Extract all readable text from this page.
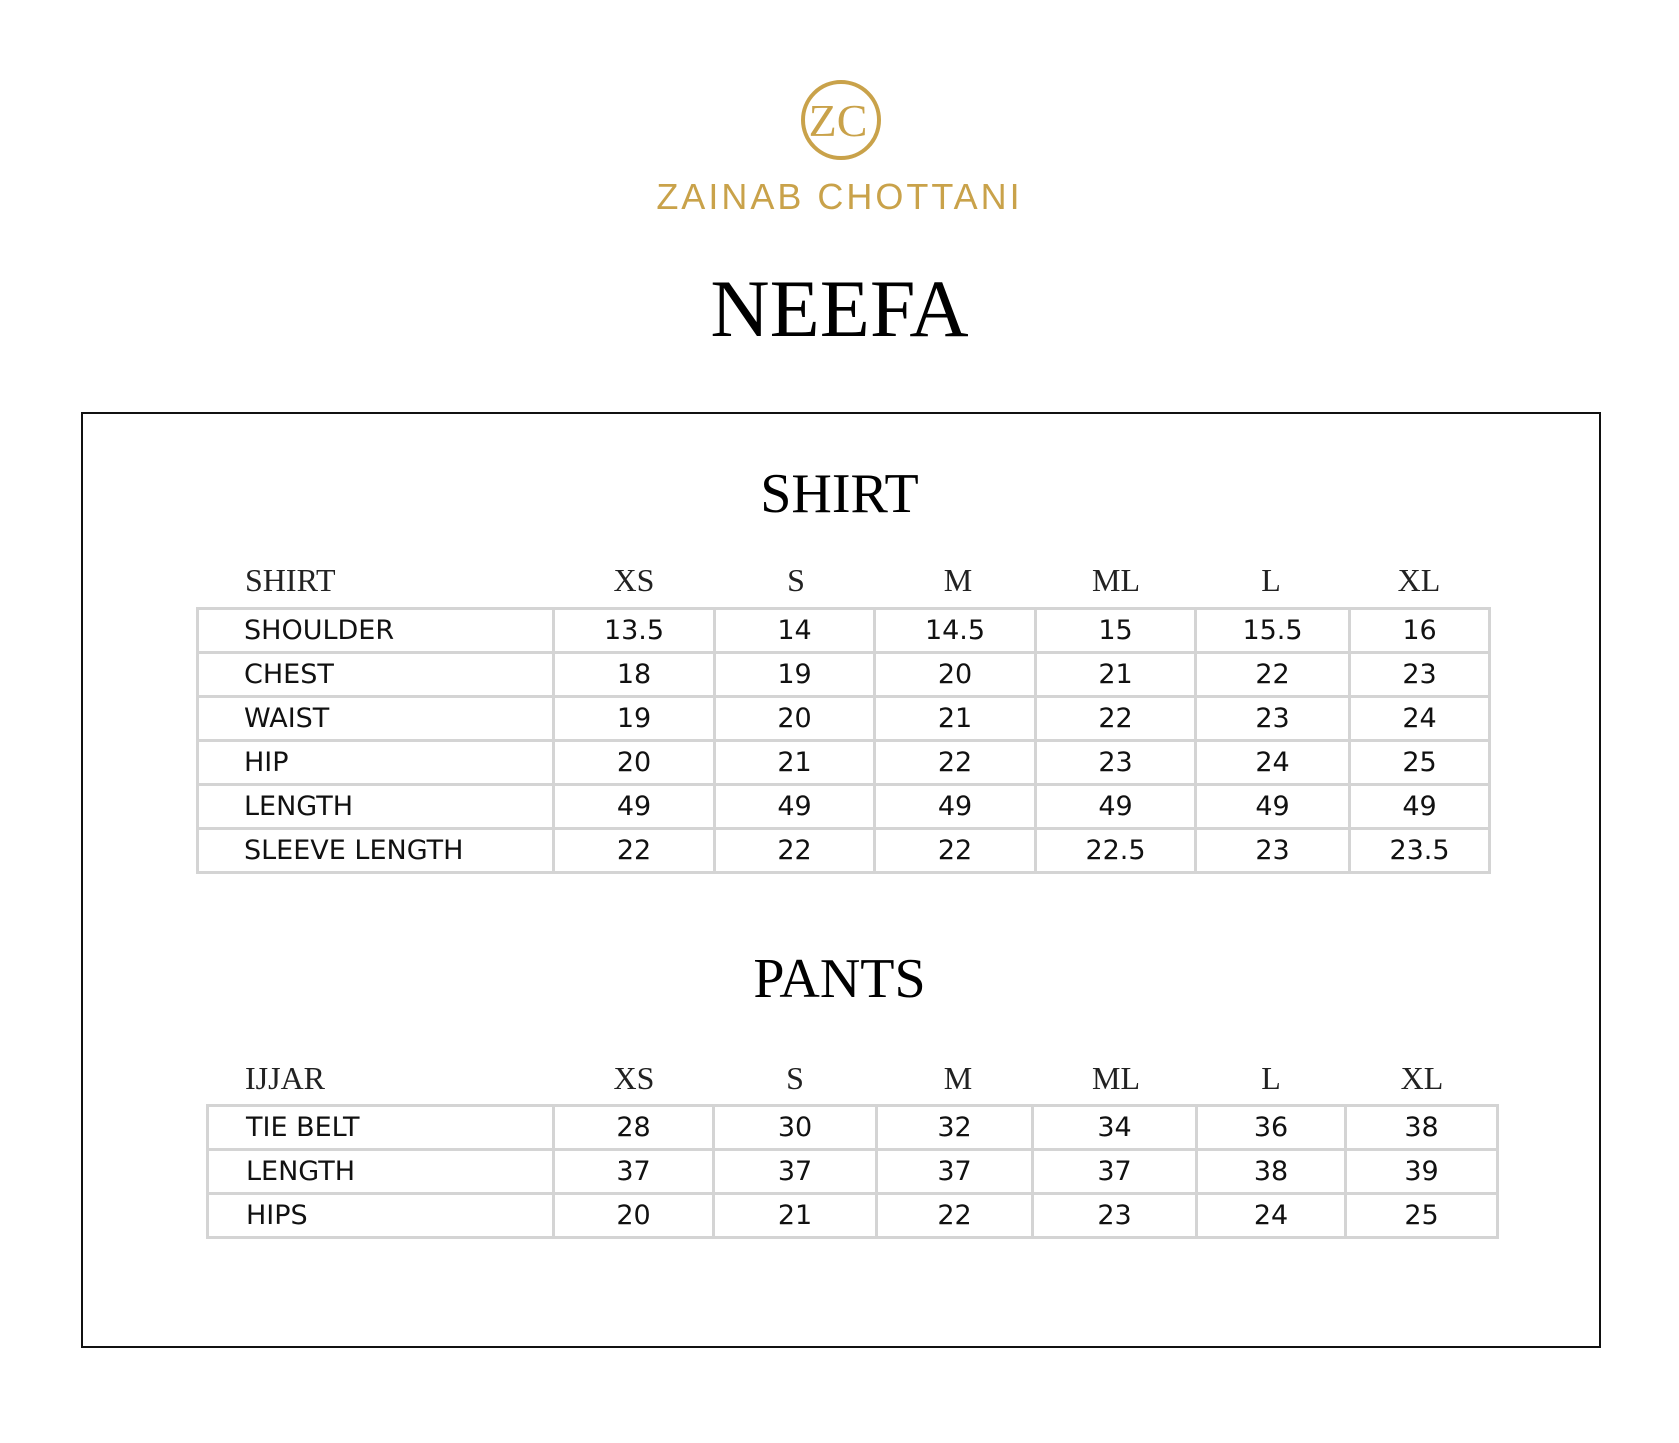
ZC
ZAINAB CHOTTANI
NEEFA
SHIRT
SHIRT	XS	S	M	ML	L	XL
SHOULDER	13.5	14	14.5	15	15.5	16
CHEST	18	19	20	21	22	23
WAIST	19	20	21	22	23	24
HIP	20	21	22	23	24	25
LENGTH	49	49	49	49	49	49
SLEEVE LENGTH	22	22	22	22.5	23	23.5
PANTS
IJJAR	XS	S	M	ML	L	XL
TIE BELT	28	30	32	34	36	38
LENGTH	37	37	37	37	38	39
HIPS	20	21	22	23	24	25
